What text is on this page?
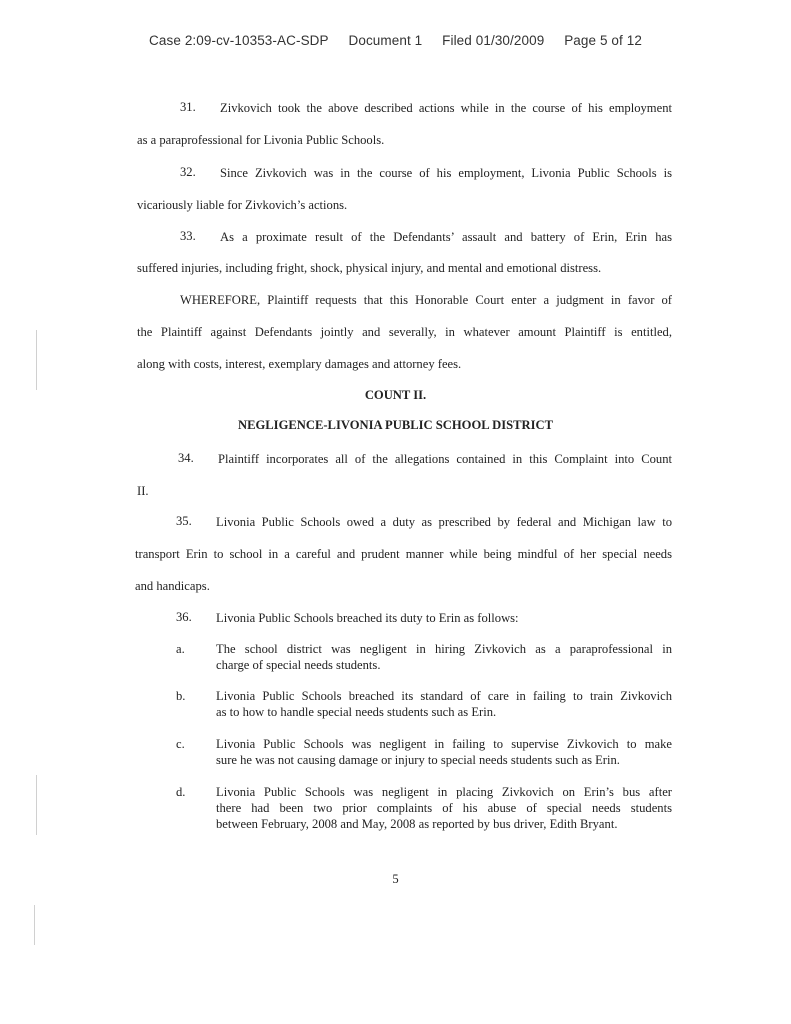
Case 2:09-cv-10353-AC-SDP Document 1 Filed 01/30/2009 Page 5 of 12
31. Zivkovich took the above described actions while in the course of his employment
as a paraprofessional for Livonia Public Schools.
32. Since Zivkovich was in the course of his employment, Livonia Public Schools is
vicariously liable for Zivkovich’s actions.
33. As a proximate result of the Defendants’ assault and battery of Erin, Erin has
suffered injuries, including fright, shock, physical injury, and mental and emotional distress.
WHEREFORE, Plaintiff requests that this Honorable Court enter a judgment in favor of
the Plaintiff against Defendants jointly and severally, in whatever amount Plaintiff is entitled,
along with costs, interest, exemplary damages and attorney fees.
COUNT II.
NEGLIGENCE-LIVONIA PUBLIC SCHOOL DISTRICT
34. Plaintiff incorporates all of the allegations contained in this Complaint into Count
II.
35. Livonia Public Schools owed a duty as prescribed by federal and Michigan law to
transport Erin to school in a careful and prudent manner while being mindful of her special needs
and handicaps.
36. Livonia Public Schools breached its duty to Erin as follows:
a. The school district was negligent in hiring Zivkovich as a paraprofessional in
charge of special needs students.
b. Livonia Public Schools breached its standard of care in failing to train Zivkovich
as to how to handle special needs students such as Erin.
c. Livonia Public Schools was negligent in failing to supervise Zivkovich to make
sure he was not causing damage or injury to special needs students such as Erin.
d. Livonia Public Schools was negligent in placing Zivkovich on Erin’s bus after
there had been two prior complaints of his abuse of special needs students
between February, 2008 and May, 2008 as reported by bus driver, Edith Bryant.
5
